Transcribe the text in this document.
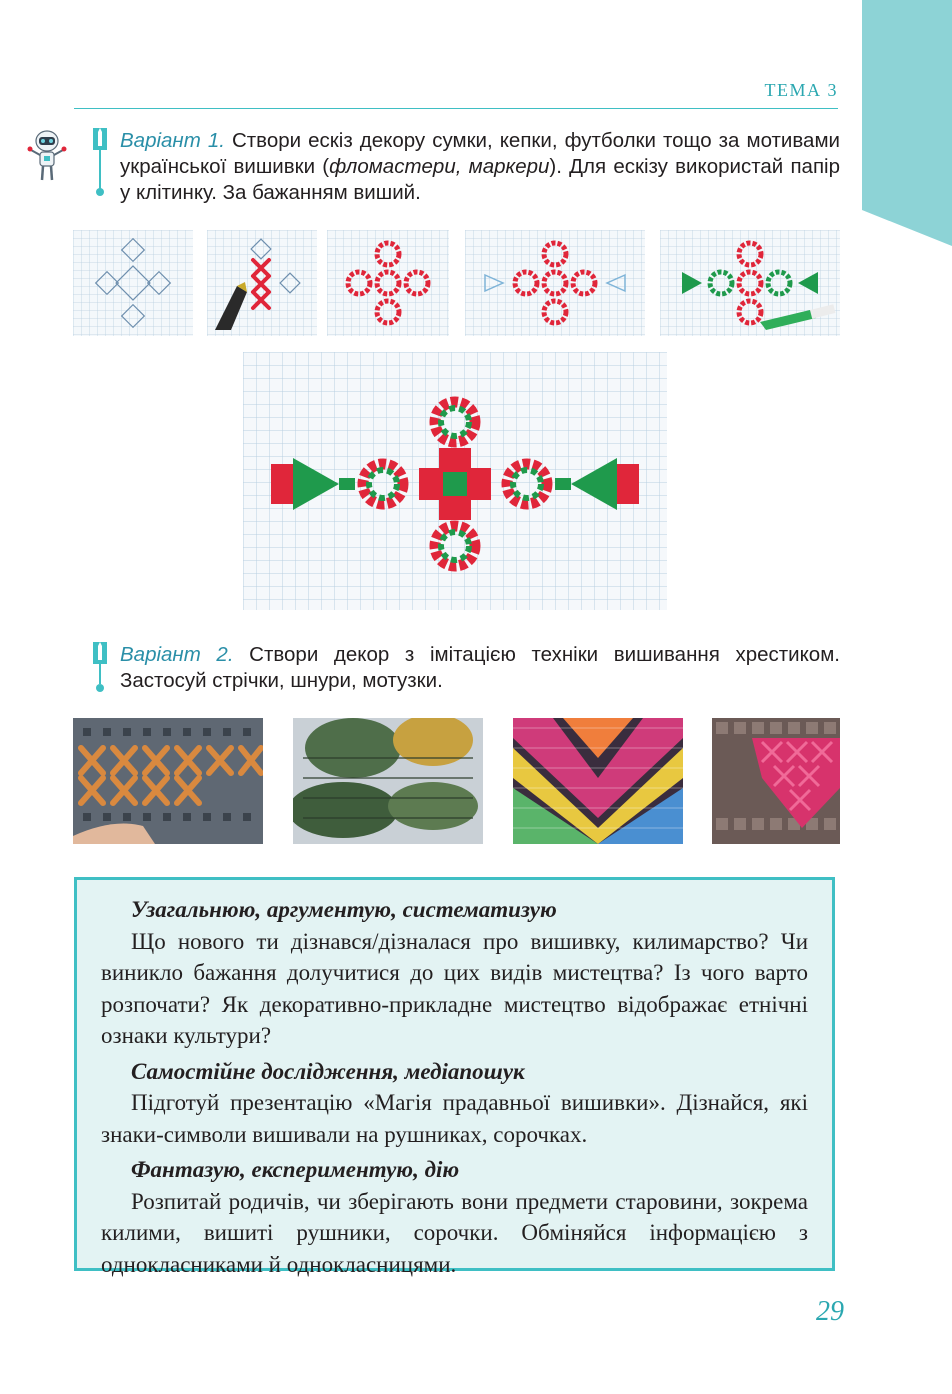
ТЕМА 3
Варіант 1. Створи ескіз декору сумки, кепки, футболки тощо за мотивами української вишивки (фломастери, маркери). Для ескізу використай папір у клітинку. За бажанням виший.
Варіант 2. Створи декор з імітацією техніки вишивання хрестиком. Застосуй стрічки, шнури, мотузки.
Узагальнюю, аргументую, систематизую

Що нового ти дізнався/дізналася про вишивку, килимарство? Чи виникло бажання долучитися до цих видів мистецтва? Із чого варто розпочати? Як декоративно-прикладне мистецтво відображає етнічні ознаки культури?

Самостійне дослідження, медіапошук

Підготуй презентацію «Магія прадавньої вишивки». Дізнайся, які знаки-символи вишивали на рушниках, сорочках.

Фантазую, експериментую, дію

Розпитай родичів, чи зберігають вони предмети старовини, зокрема килими, вишиті рушники, сорочки. Обміняйся інформацією з однокласниками й однокласницями.

29
